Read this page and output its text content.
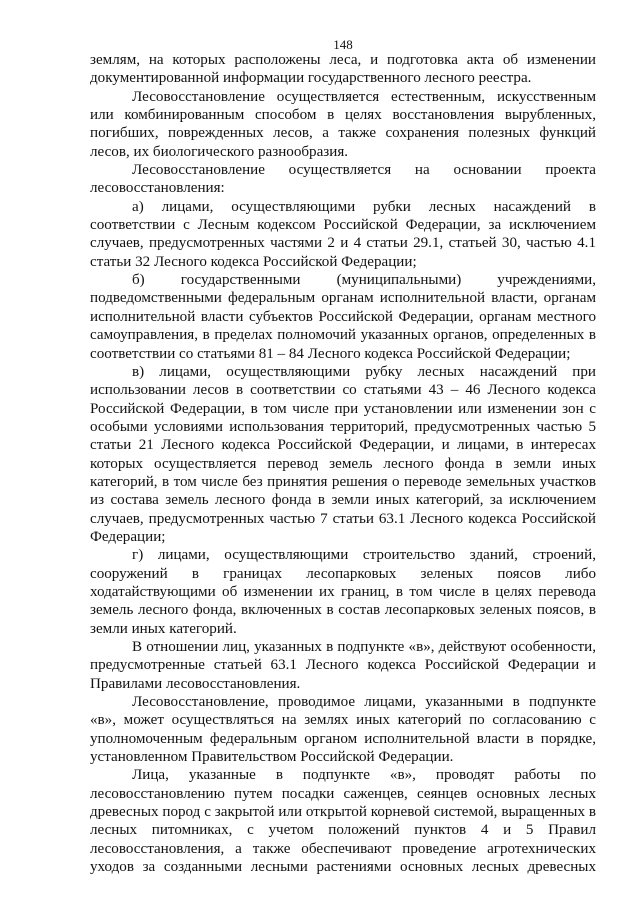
148

землям, на которых расположены леса, и подготовка акта об изменении документированной информации государственного лесного реестра.

Лесовосстановление осуществляется естественным, искусственным или комбинированным способом в целях восстановления вырубленных, погибших, поврежденных лесов, а также сохранения полезных функций лесов, их биологического разнообразия.

Лесовосстановление осуществляется на основании проекта лесовосстановления:

а) лицами, осуществляющими рубки лесных насаждений в соответствии с Лесным кодексом Российской Федерации, за исключением случаев, предусмотренных частями 2 и 4 статьи 29.1, статьей 30, частью 4.1 статьи 32 Лесного кодекса Российской Федерации;

б) государственными (муниципальными) учреждениями, подведомственными федеральным органам исполнительной власти, органам исполнительной власти субъектов Российской Федерации, органам местного самоуправления, в пределах полномочий указанных органов, определенных в соответствии со статьями 81 – 84 Лесного кодекса Российской Федерации;

в) лицами, осуществляющими рубку лесных насаждений при использовании лесов в соответствии со статьями 43 – 46 Лесного кодекса Российской Федерации, в том числе при установлении или изменении зон с особыми условиями использования территорий, предусмотренных частью 5 статьи 21 Лесного кодекса Российской Федерации, и лицами, в интересах которых осуществляется перевод земель лесного фонда в земли иных категорий, в том числе без принятия решения о переводе земельных участков из состава земель лесного фонда в земли иных категорий, за исключением случаев, предусмотренных частью 7 статьи 63.1 Лесного кодекса Российской Федерации;

г) лицами, осуществляющими строительство зданий, строений, сооружений в границах лесопарковых зеленых поясов либо ходатайствующими об изменении их границ, в том числе в целях перевода земель лесного фонда, включенных в состав лесопарковых зеленых поясов, в земли иных категорий.

В отношении лиц, указанных в подпункте «в», действуют особенности, предусмотренные статьей 63.1 Лесного кодекса Российской Федерации и Правилами лесовосстановления.

Лесовосстановление, проводимое лицами, указанными в подпункте «в», может осуществляться на землях иных категорий по согласованию с уполномоченным федеральным органом исполнительной власти в порядке, установленном Правительством Российской Федерации.

Лица, указанные в подпункте «в», проводят работы по лесовосстановлению путем посадки саженцев, сеянцев основных лесных древесных пород с закрытой или открытой корневой системой, выращенных в лесных питомниках, с учетом положений пунктов 4 и 5 Правил лесовосстановления, а также обеспечивают проведение агротехнических уходов за созданными лесными растениями основных лесных древесных
